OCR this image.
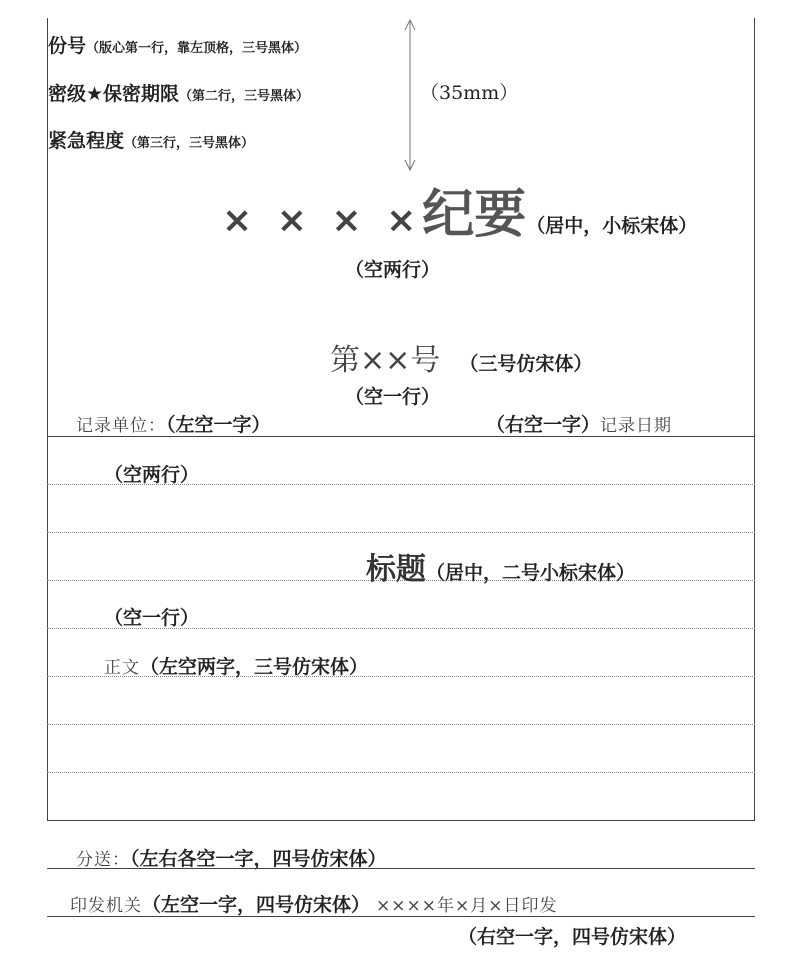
份号（版心第一行，靠左顶格，三号黑体）
密级★保密期限（第二行，三号黑体）
紧急程度（第三行，三号黑体）
（35mm）
× × × ×纪要（居中，小标宋体）
（空两行）
第××号 （三号仿宋体）
（空一行）
记录单位：（左空一字）	（右空一字）记录日期
（空两行）
标题（居中，二号小标宋体）
（空一行）
正文（左空两字，三号仿宋体）
分送：（左右各空一字，四号仿宋体）
印发机关（左空一字，四号仿宋体） ××××年×月×日印发
（右空一字，四号仿宋体）
